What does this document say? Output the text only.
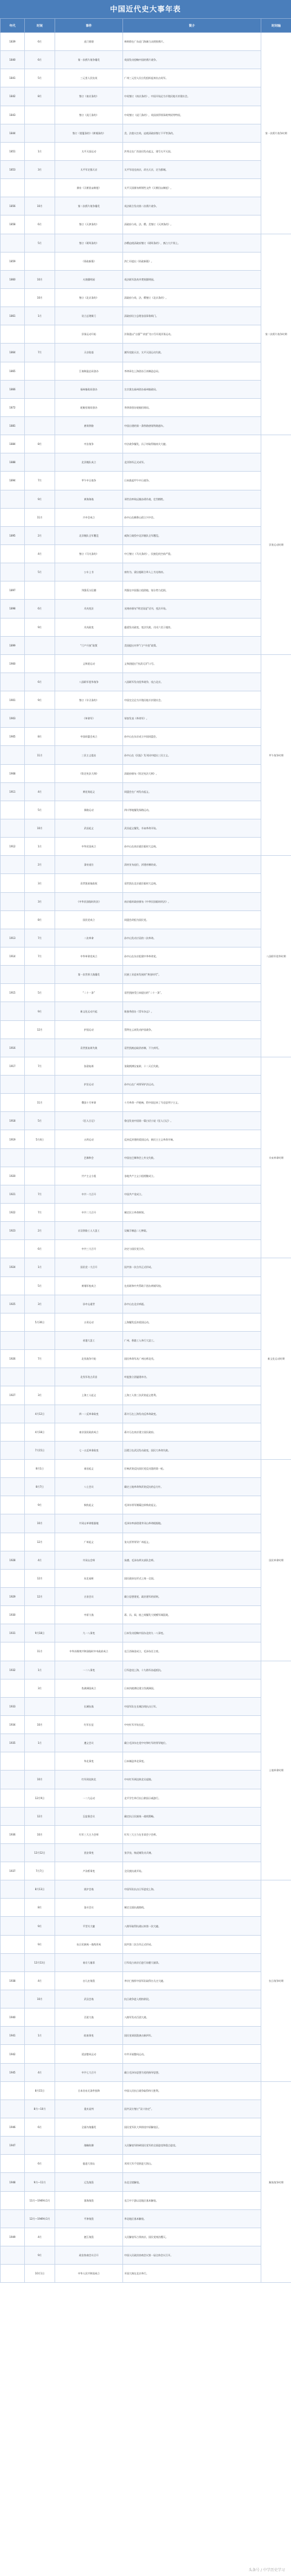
中国近代史大事年表
年代	时间	事件	简介	时间轴
1839	6月	虎门销烟	林则徐在广东虎门海滩当众销毁鸦片。	第一次鸦片战争时期
1840	6月	第一次鸦片战争爆发	英国发动侵略中国的鸦片战争。	
1841	5月	三元里人民抗英	广州三元里人民自发组织起来抗击英军。	
1842	8月	签订《南京条约》	中英签订《南京条约》，中国开始沦为半殖民地半封建社会。	
1843		签订《虎门条约》	中英签订《虎门条约》，英国获得领事裁判权等特权。	
1844		签订《望厦条约》《黄埔条约》	美、法趁火打劫，迫使清政府签订不平等条约。	
1851	1月	太平天国运动	洪秀全在广西金田发动起义，建号太平天国。	
1853	3月	太平军定都天京	太平军攻克南京，改名天京，定为都城。	
		颁布《天朝田亩制度》	太平天国颁布纲领性文件《天朝田亩制度》。	
1856	10月	第二次鸦片战争爆发	英法联合发动第二次鸦片战争。	
1858	6月	签订《天津条约》	清政府与英、法、俄、美签订《天津条约》。	
	5月	签订《瑷珲条约》	沙俄迫使清政府签订《瑷珲条约》，割占大片领土。	第二次鸦片战争时期
1859		《资政新篇》	洪仁玕提出《资政新篇》。	
1860	10月	火烧圆明园	英法联军洗劫并焚毁圆明园。	
	10月	签订《北京条约》	清政府与英、法、俄签订《北京条约》。	
1861	1月	设立总理衙门	清政府设立总理各国事务衙门。	
		洋务运动开始	洋务派以“自强”“求富”为口号开展洋务运动。	
1864	7月	天京陷落	湘军攻陷天京，太平天国运动失败。	
1865		江南制造总局创办	李鸿章在上海创办江南制造总局。	
1866		福州船政局创办	左宗棠在福州创办福州船政局。	
1872		轮船招商局创办	李鸿章创办轮船招商局。	
1881		唐胥铁路	中国自建的第一条铁路唐胥铁路通车。	
1884	8月	中法战争	中法战争爆发，冯子材取得镇南关大捷。	洋务运动时期
1888		北洋舰队成立	北洋海军正式成军。	
1894	7月	甲午中日战争	日本挑起甲午中日战争。	
	9月	黄海海战	邓世昌率致远舰奋勇作战，壮烈牺牲。	
	11月	兴中会成立	孙中山在檀香山创立兴中会。	
1895	2月	北洋舰队全军覆没	威海卫战役中北洋舰队全军覆没。	
	4月	签订《马关条约》	中日签订《马关条约》，民族危机空前严重。	
	5月	公车上书	康有为、梁启超联合举人上书光绪帝。	
1897		列强瓜分狂潮	列强在中国强占租借地、划分势力范围。	
1898	6月	戊戌变法	光绪帝颁布“明定国是”诏书，变法开始。	
	9月	戊戌政变	慈禧发动政变，变法失败，戊戌六君子遇害。	
1899		“门户开放”政策	美国提出对华“门户开放”政策。	
1900		义和团运动	义和团提出“扶清灭洋”口号。	甲午战争时期
	6月	八国联军侵华战争	八国联军发动侵华战争，攻占北京。	
1901	9月	签订《辛丑条约》	中国完全沦为半殖民地半封建社会。	
1903		《革命军》	邹容发表《革命军》。	
1905	8月	中国同盟会成立	孙中山在东京成立中国同盟会。	
	11月	三民主义提出	孙中山在《民报》发刊词中提出三民主义。	
1908		《钦定宪法大纲》	清政府颁布《钦定宪法大纲》。	
1911	4月	黄花岗起义	同盟会在广州发动起义。	
	5月	保路运动	四川等地爆发保路运动。	
	10月	武昌起义	武昌起义爆发，辛亥革命开始。	
1912	1月	中华民国成立	孙中山在南京就任临时大总统。	
	2月	清帝退位	清帝宣布退位，封建帝制结束。	八国联军侵华时期
	3月	袁世凯窃取政权	袁世凯在北京就任临时大总统。	
	3月	《中华民国临时约法》	南京临时政府颁布《中华民国临时约法》。	
	8月	国民党成立	同盟会改组为国民党。	
1913	7月	二次革命	孙中山发动讨袁的二次革命。	
1914	7月	中华革命党成立	孙中山在东京组建中华革命党。	
		第一次世界大战爆发	民族工业迎来发展的“黄金时代”。	
1915	5月	“二十一条”	袁世凯接受日本提出的“二十一条”。	
	9月	新文化运动兴起	陈独秀创办《青年杂志》。	
	12月	护国运动	蔡锷在云南发动护国战争。	
1916		袁世凯复辟失败	袁世凯被迫取消帝制，不久病死。	
1917	7月	张勋复辟	张勋拥溥仪复辟，十二天后失败。	辛亥革命时期
		护法运动	孙中山在广州领导护法运动。	
	11月	俄国十月革命	十月革命一声炮响，给中国送来了马克思列宁主义。	
1918	5月	《狂人日记》	鲁迅发表中国第一篇白话小说《狂人日记》。	
1919	5月4日	五四运动	反帝反封建的爱国运动，新民主主义革命开端。	
		巴黎和会	中国在巴黎和会上外交失败。	
1920		共产主义小组	各地共产主义小组相继成立。	
1921	7月	中共一大召开	中国共产党成立。	
1922	7月	中共二大召开	制定民主革命纲领。	
1923	2月	京汉铁路工人大罢工	吴佩孚制造二七惨案。	
	6月	中共三大召开	决定与国民党合作。	
1924	1月	国民党一大召开	国共第一次合作正式形成。	新文化运动时期
	5月	黄埔军校成立	在苏联和中共帮助下创办黄埔军校。	
1925	3月	孙中山逝世	孙中山在北京病逝。	
	5月30日	五卅运动	上海爆发反帝爱国运动。	
		省港大罢工	广州、香港工人举行大罢工。	
1926	7月	北伐战争开始	国民革命军从广州出师北伐。	
		北伐军攻占武昌	叶挺独立团屡建奇功。	
1927	3月	上海工人起义	上海工人第三次武装起义胜利。	
	4月12日	四一二反革命政变	蒋介石在上海发动反革命政变。	
	4月18日	南京国民政府成立	蒋介石在南京建立国民政府。	
	7月15日	七一五反革命政变	汪精卫在武汉发动政变，国民大革命失败。	
	8月1日	南昌起义	打响武装反抗国民党反动派的第一枪。	国民革命时期
	8月7日	八七会议	确定土地革命和武装反抗的总方针。	
	9月	秋收起义	毛泽东领导湘赣边界秋收起义。	
	10月	井冈山革命根据地	毛泽东率部创建井冈山革命根据地。	
	12月	广州起义	张太雷等领导广州起义。	
1928	4月	井冈山会师	朱德、毛泽东两支部队会师。	
	12月	东北易帜	国民政府在形式上统一全国。	
1929	12月	古田会议	确立思想建党、政治建军的原则。	
1930		中原大战	蒋、冯、阎、桂之间爆发大规模军阀混战。	
1931	9月18日	九一八事变	日本发动侵略中国东北的九一八事变。	
	11月	中华苏维埃共和国临时中央政府成立	在江西瑞金成立，毛泽东任主席。	
1932	1月	一二八事变	日军进攻上海，十九路军奋起抵抗。	土地革命时期
	3月	伪满洲国成立	日本扶植溥仪建立伪满洲国。	
1933		长城抗战	中国军队在长城沿线抗击日军。	
1934	10月	红军长征	中央红军开始长征。	
1935	1月	遵义会议	确立毛泽东在党中央和红军的领导地位。	
		华北事变	日本制造华北事变。	
	10月	红军到达陕北	中央红军到达陕北吴起镇。	
	12月9日	一二九运动	北平学生举行抗日救国示威游行。	
	12月	瓦窑堡会议	确定抗日民族统一战线策略。	
1936	10月	红军三大主力会师	红军三大主力在甘肃会宁会师。	
	12月12日	西安事变	张学良、杨虎城发动兵谏。	
1937	7月7日	卢沟桥事变	全民族抗战开始。	
	8月13日	淞沪会战	中国军队抗击日军进攻上海。	抗日战争时期
	8月	洛川会议	制定全面抗战路线。	
	9月	平型关大捷	八路军取得抗战以来第一次大捷。	
	9月	抗日民族统一战线形成	国共第二次合作正式形成。	
	12月13日	南京大屠杀	日军攻占南京后进行血腥大屠杀。	
1938	4月	台儿庄战役	李宗仁指挥中国军队取得台儿庄大捷。	
	10月	武汉会战	抗日战争进入相持阶段。	
1940		百团大战	八路军发动百团大战。	
1941	1月	皖南事变	国民党顽固派袭击新四军。	
1942		延安整风运动	中共开展整风运动。	
1945	4月	中共七大召开	确立毛泽东思想为党的指导思想。	
	8月15日	日本宣布无条件投降	中国人民抗日战争取得伟大胜利。	解放战争时期
	8月—10月	重庆谈判	国共双方签订“双十协定”。	
1946	6月	全面内战爆发	国民党军队大举围攻中原解放区。	
1947		战略防御	人民解放军粉碎国民党军的全面进攻和重点进攻。	
	6月	挺进大别山	刘邓大军千里跃进大别山。	
1948	9月—11月	辽沈战役	东北全境解放。	
	11月—1949年1月	淮海战役	长江中下游以北地区基本解放。	
	12月—1949年1月	平津战役	华北地区基本解放。	
1949	4月	渡江战役	人民解放军占领南京，国民党统治覆灭。	
	9月	政治协商会议召开	中国人民政治协商会议第一届全体会议召开。	
	10月1日	中华人民共和国成立	开国大典在北京举行。	
头条号 / 中学历史学习
